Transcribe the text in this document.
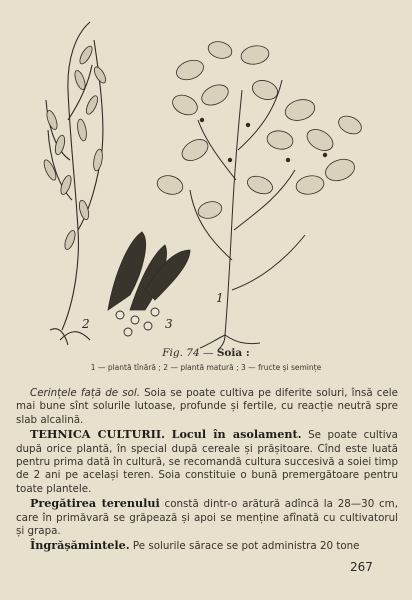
1
2	3
Fig. 74 — Soia :
1 — plantă tînără ; 2 — plantă matură ; 3 — fructe și semințe

Cerințele față de sol. Soia se poate cultiva pe diferite soluri, însă cele mai bune sînt solurile lutoase, profunde și fertile, cu reacție neutră spre slab alcalină.

TEHNICA CULTURII. Locul în asolament. Se poate cultiva după orice plantă, în special după cereale și prășitoare. Cînd este luată pentru prima dată în cultură, se recomandă cultura succesivă a soiei timp de 2 ani pe același teren. Soia constituie o bună premergătoare pentru toate plantele.

Pregătirea terenului constă dintr-o arătură adîncă la 28—30 cm, care în primăvară se grăpează și apoi se menține afînată cu cultivatorul și grapa.

Îngrășămintele. Pe solurile sărace se pot administra 20 tone

267
